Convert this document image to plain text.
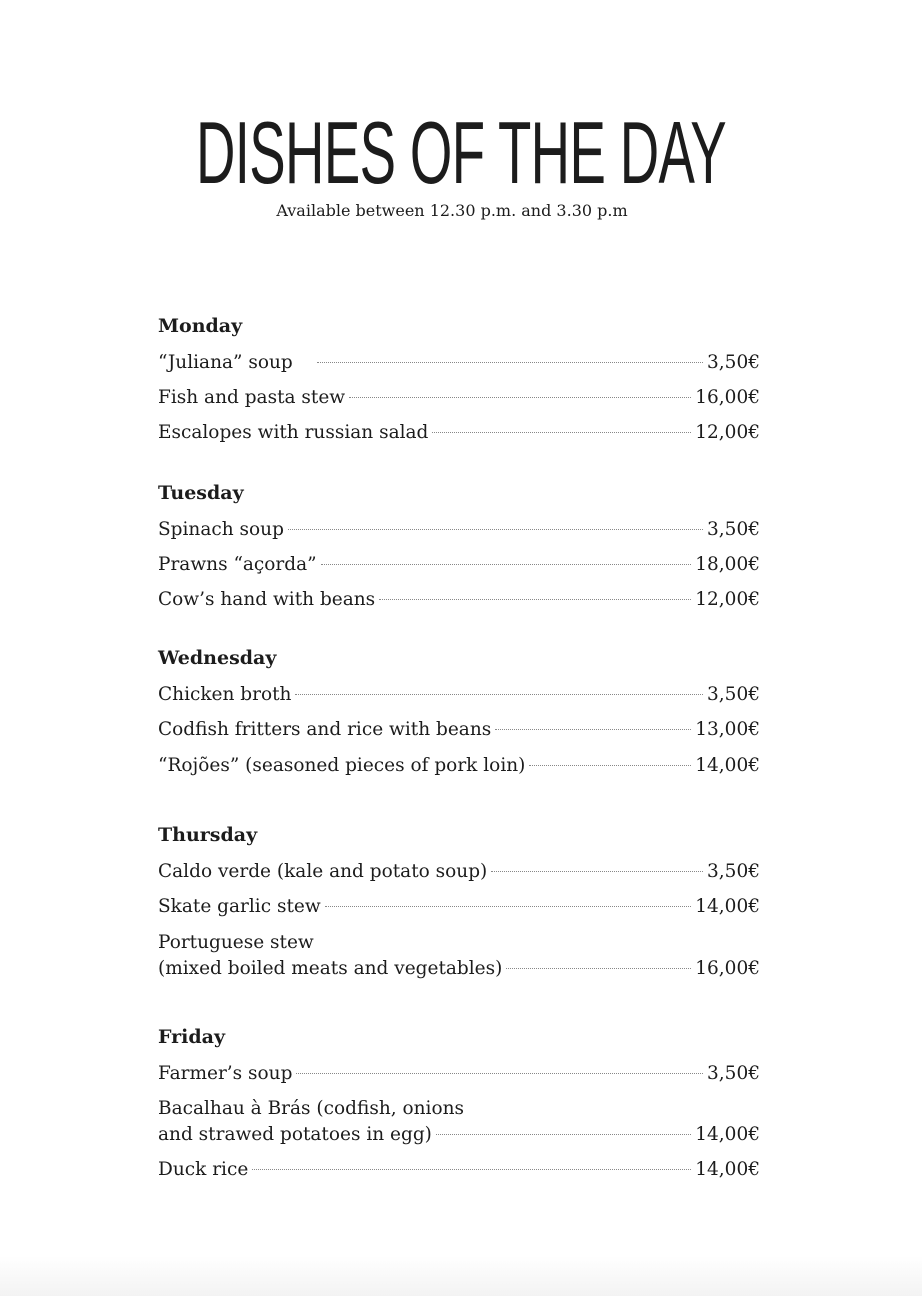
DISHES OF THE DAY
Available between 12.30 p.m. and 3.30 p.m
Monday
“Juliana” soup	3,50€
Fish and pasta stew	16,00€
Escalopes with russian salad	12,00€
Tuesday
Spinach soup	3,50€
Prawns “açorda”	18,00€
Cow’s hand with beans	12,00€
Wednesday
Chicken broth	3,50€
Codfish fritters and rice with beans	13,00€
“Rojões” (seasoned pieces of pork loin)	14,00€
Thursday
Caldo verde (kale and potato soup)	3,50€
Skate garlic stew	14,00€
Portuguese stew
(mixed boiled meats and vegetables)	16,00€
Friday
Farmer’s soup	3,50€
Bacalhau à Brás (codfish, onions
and strawed potatoes in egg)	14,00€
Duck rice	14,00€
